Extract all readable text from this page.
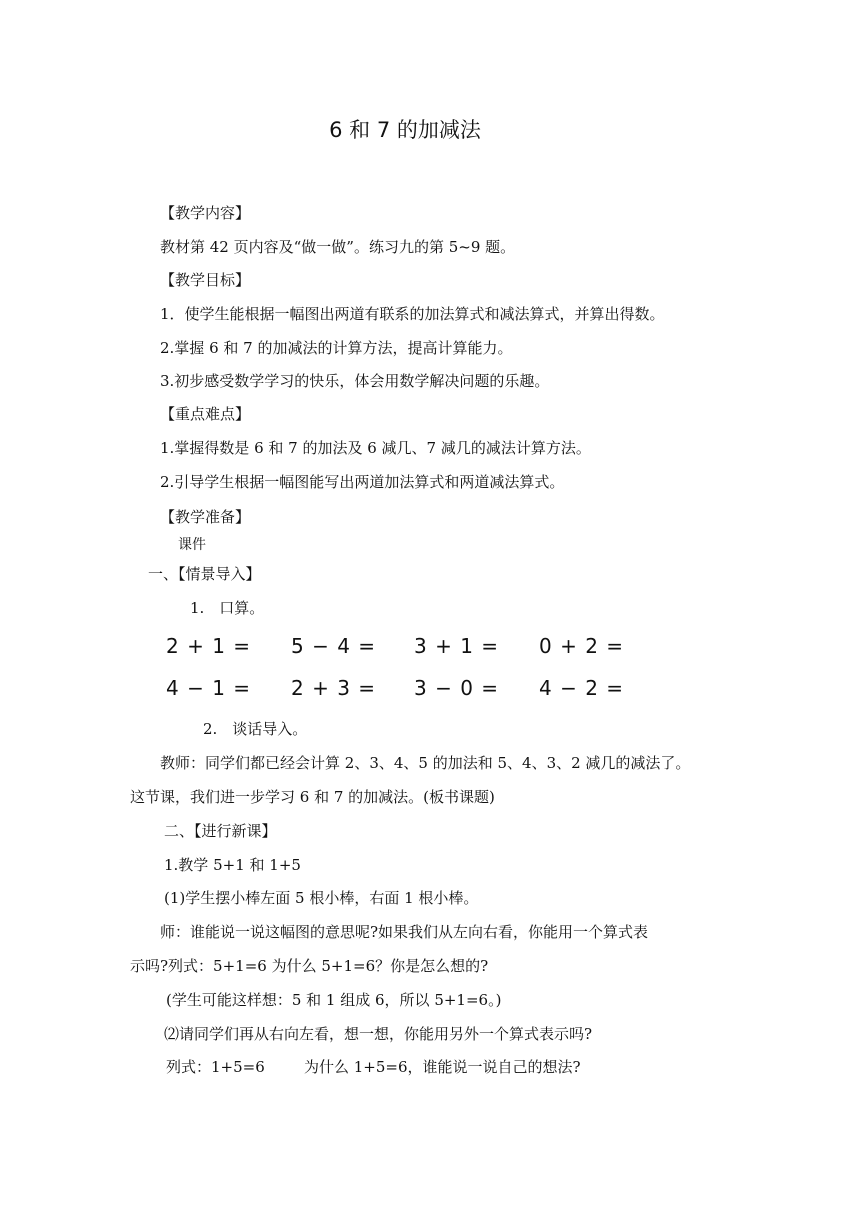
6 和 7 的加减法
【教学内容】
教材第 42 页内容及“做一做”。练习九的第 5~9 题。
【教学目标】
1．使学生能根据一幅图出两道有联系的加法算式和减法算式，并算出得数。
2.掌握 6 和 7 的加减法的计算方法，提高计算能力。
3.初步感受数学学习的快乐，体会用数学解决问题的乐趣。
【重点难点】
1.掌握得数是 6 和 7 的加法及 6 减几、7 减几的减法计算方法。
2.引导学生根据一幅图能写出两道加法算式和两道减法算式。
【教学准备】
课件
一、【情景导入】
1.　口算。
2 + 1 = 5 − 4 = 3 + 1 = 0 + 2 =
4 − 1 = 2 + 3 = 3 − 0 = 4 − 2 =
2.　谈话导入。
教师：同学们都已经会计算 2、3、4、5 的加法和 5、4、3、2 减几的减法了。
这节课，我们进一步学习 6 和 7 的加减法。(板书课题)
二、【进行新课】
1.教学 5+1 和 1+5
(1)学生摆小棒左面 5 根小棒，右面 1 根小棒。
师：谁能说一说这幅图的意思呢?如果我们从左向右看，你能用一个算式表
示吗?列式：5+1=6 为什么 5+1=6？你是怎么想的?
(学生可能这样想：5 和 1 组成 6，所以 5+1=6。)
⑵请同学们再从右向左看，想一想，你能用另外一个算式表示吗?
列式：1+5=6	为什么 1+5=6，谁能说一说自己的想法?
